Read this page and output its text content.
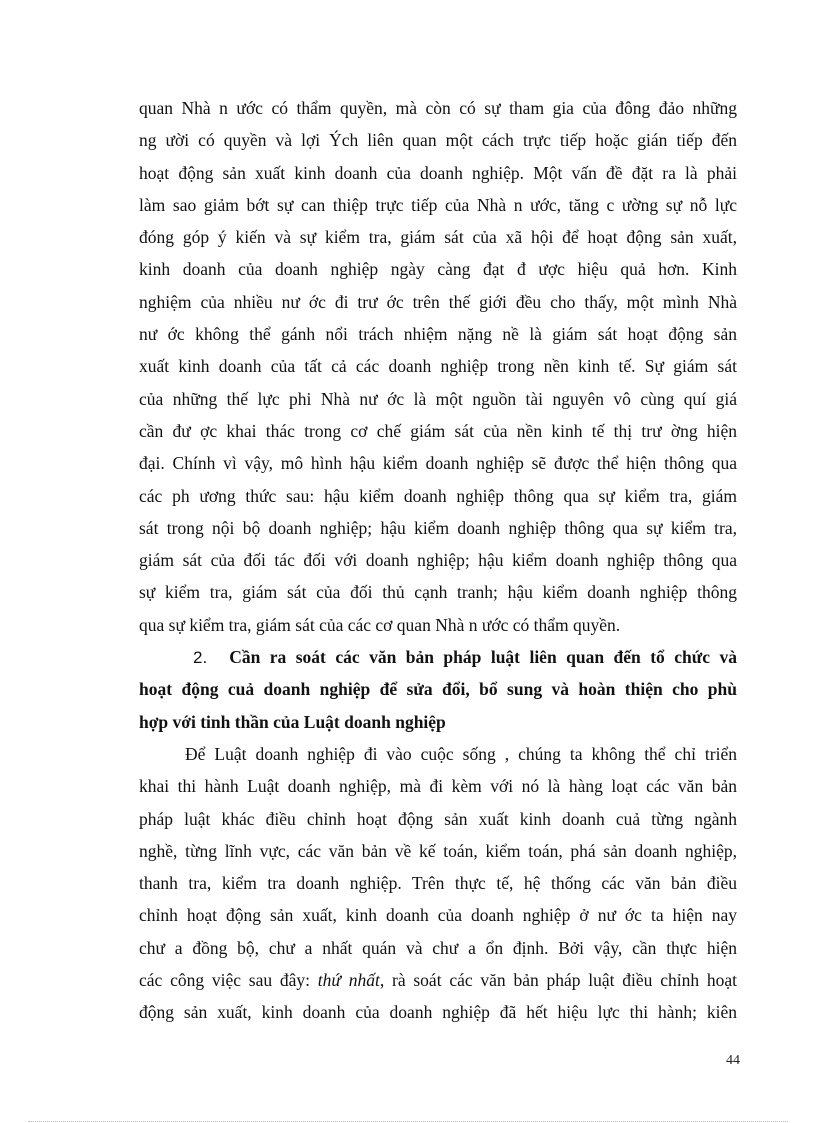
quan Nhà n ước có thẩm quyền, mà còn có sự tham gia của đông đảo những
ng ười có quyền và lợi Ých liên quan một cách trực tiếp hoặc gián tiếp đến
hoạt động sản xuất kinh doanh của doanh nghiệp. Một vấn đề đặt ra là phải
làm sao giảm bớt sự can thiệp trực tiếp của Nhà n ước, tăng c ường sự nỗ lực
đóng góp ý kiến và sự kiểm tra, giám sát của xã hội để hoạt động sản xuất,
kinh doanh của doanh nghiệp ngày càng đạt đ ược hiệu quả hơn. Kinh
nghiệm của nhiều nư ớc đi trư ớc trên thế giới đều cho thấy, một mình Nhà
nư ớc không thể gánh nổi trách nhiệm nặng nề là giám sát hoạt động sản
xuất kinh doanh của tất cả các doanh nghiệp trong nền kinh tế. Sự giám sát
của những thế lực phi Nhà nư ớc là một nguồn tài nguyên vô cùng quí giá
cần đư ợc khai thác trong cơ chế giám sát của nền kinh tế thị trư ờng hiện
đại. Chính vì vậy, mô hình hậu kiểm doanh nghiệp sẽ được thể hiện thông qua
các ph ương thức sau: hậu kiểm doanh nghiệp thông qua sự kiểm tra, giám
sát trong nội bộ doanh nghiệp; hậu kiểm doanh nghiệp thông qua sự kiểm tra,
giám sát của đối tác đối với doanh nghiệp; hậu kiểm doanh nghiệp thông qua
sự kiểm tra, giám sát của đối thủ cạnh tranh; hậu kiểm doanh nghiệp thông
qua sự kiểm tra, giám sát của các cơ quan Nhà n ước có thẩm quyền.
2. Cần ra soát các văn bản pháp luật liên quan đến tổ chức và
hoạt động cuả doanh nghiệp để sửa đổi, bổ sung và hoàn thiện cho phù
hợp với tinh thần của Luật doanh nghiệp
Để Luật doanh nghiệp đi vào cuộc sống , chúng ta không thể chỉ triển
khai thi hành Luật doanh nghiệp, mà đi kèm với nó là hàng loạt các văn bản
pháp luật khác điều chỉnh hoạt động sản xuất kinh doanh cuả từng ngành
nghề, từng lĩnh vực, các văn bản về kế toán, kiểm toán, phá sản doanh nghiệp,
thanh tra, kiểm tra doanh nghiệp. Trên thực tế, hệ thống các văn bản điều
chỉnh hoạt động sản xuất, kinh doanh của doanh nghiệp ở nư ớc ta hiện nay
chư a đồng bộ, chư a nhất quán và chư a ổn định. Bởi vậy, cần thực hiện
các công việc sau đây: thứ nhất, rà soát các văn bản pháp luật điều chỉnh hoạt
động sản xuất, kinh doanh của doanh nghiệp đã hết hiệu lực thi hành; kiên
44
